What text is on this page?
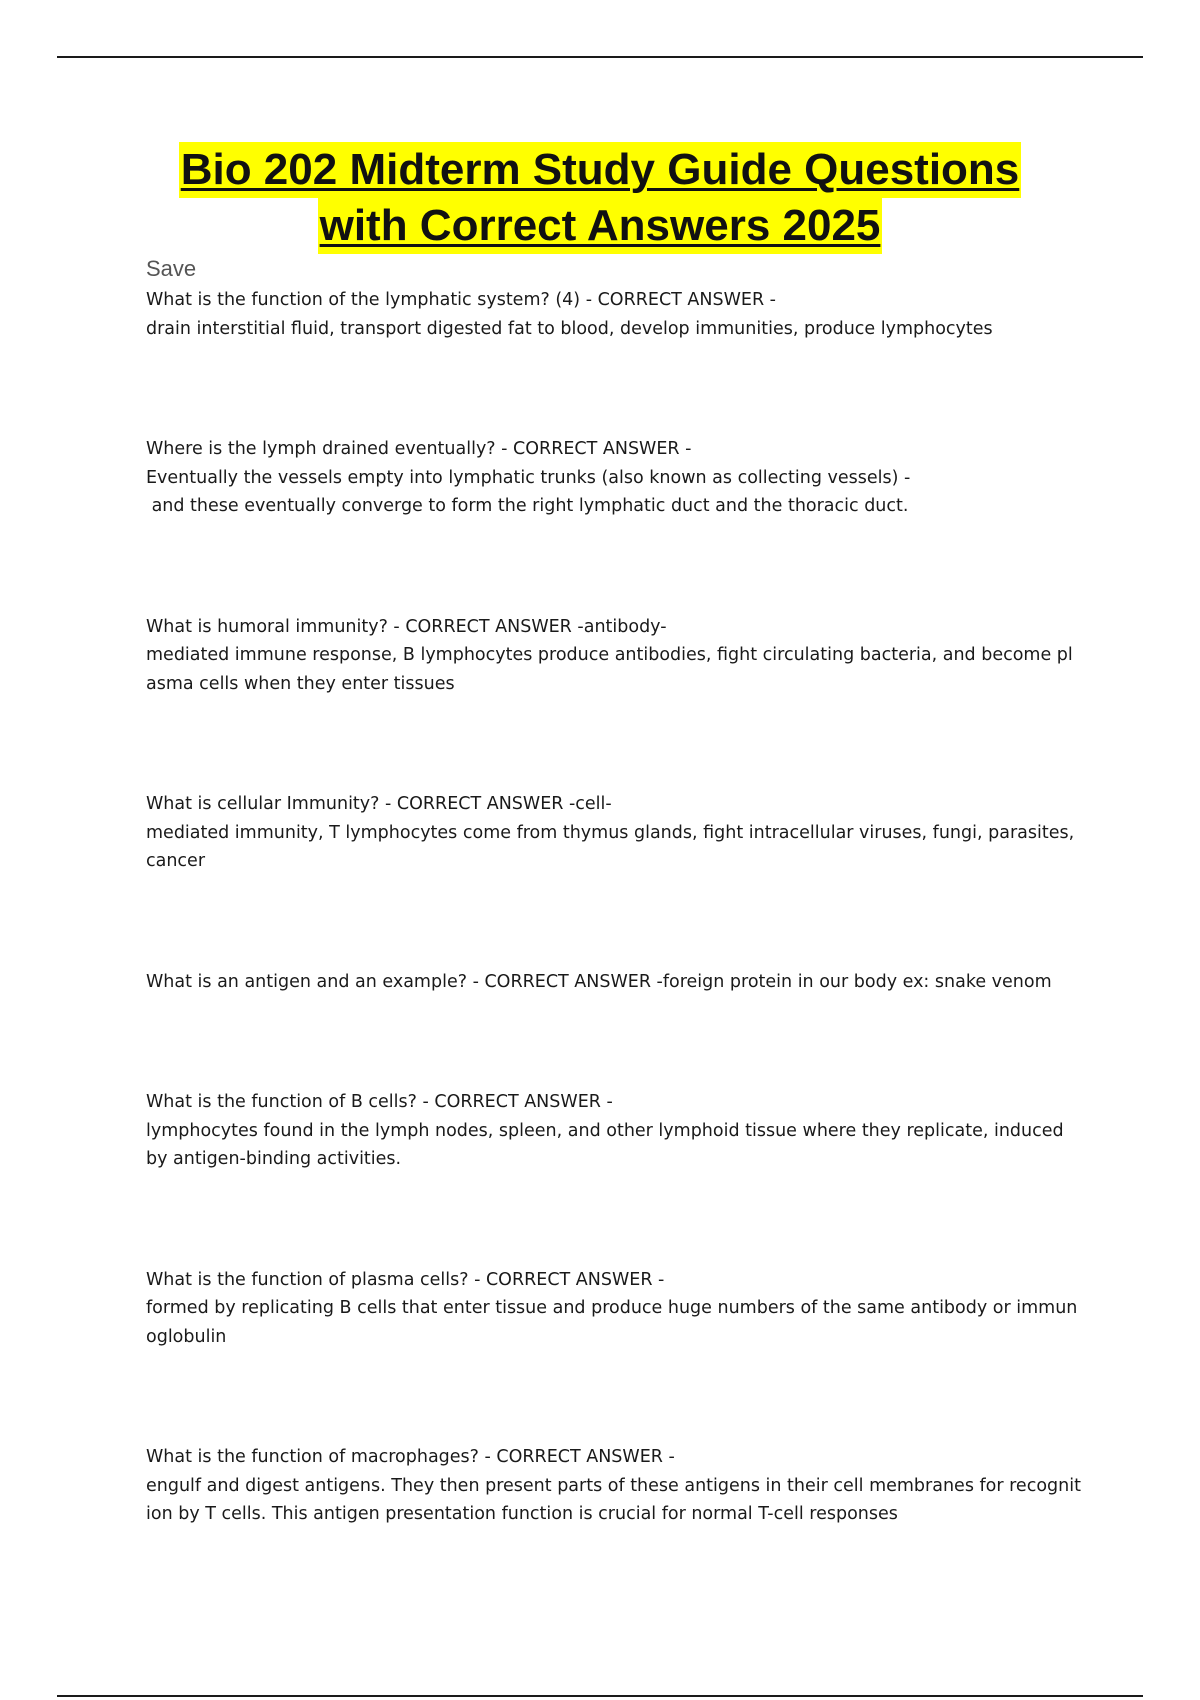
Bio 202 Midterm Study Guide Questions
with Correct Answers 2025
Save
What is the function of the lymphatic system? (4) - CORRECT ANSWER -
drain interstitial fluid, transport digested fat to blood, develop immunities, produce lymphocytes
Where is the lymph drained eventually? - CORRECT ANSWER -
Eventually the vessels empty into lymphatic trunks (also known as collecting vessels) -
and these eventually converge to form the right lymphatic duct and the thoracic duct.
What is humoral immunity? - CORRECT ANSWER -antibody-
mediated immune response, B lymphocytes produce antibodies, fight circulating bacteria, and become pl
asma cells when they enter tissues
What is cellular Immunity? - CORRECT ANSWER -cell-
mediated immunity, T lymphocytes come from thymus glands, fight intracellular viruses, fungi, parasites,
cancer
What is an antigen and an example? - CORRECT ANSWER -foreign protein in our body ex: snake venom
What is the function of B cells? - CORRECT ANSWER -
lymphocytes found in the lymph nodes, spleen, and other lymphoid tissue where they replicate, induced
by antigen-binding activities.
What is the function of plasma cells? - CORRECT ANSWER -
formed by replicating B cells that enter tissue and produce huge numbers of the same antibody or immun
oglobulin
What is the function of macrophages? - CORRECT ANSWER -
engulf and digest antigens. They then present parts of these antigens in their cell membranes for recognit
ion by T cells. This antigen presentation function is crucial for normal T-cell responses
